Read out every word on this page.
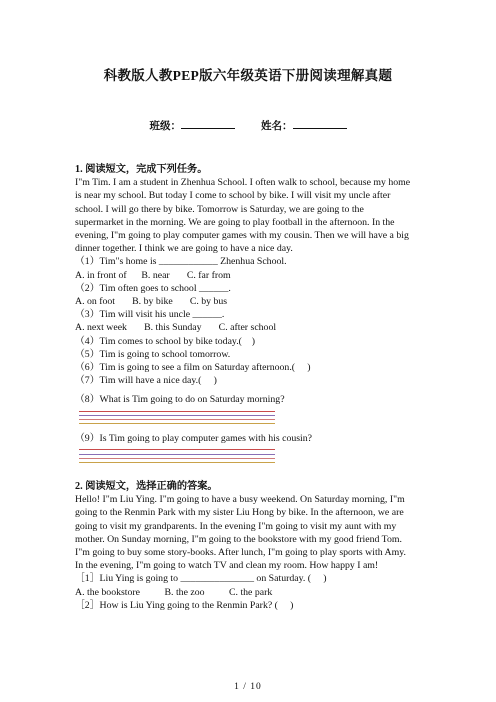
科教版人教PEP版六年级英语下册阅读理解真题
班级：	姓名：

1. 阅读短文，完成下列任务。

I"m Tim. I am a student in Zhenhua School. I often walk to school, because my home

is near my school. But today I come to school by bike. I will visit my uncle after

school. I will go there by bike. Tomorrow is Saturday, we are going to the

supermarket in the morning. We are going to play football in the afternoon. In the

evening, I"m going to play computer games with my cousin. Then we will have a big

dinner together. I think we are going to have a nice day.

（1）Tim"s home is ____________ Zhenhua School.

A. in front of      B. near       C. far from

（2）Tim often goes to school ______.

A. on foot       B. by bike       C. by bus

（3）Tim will visit his uncle ______.

A. next week       B. this Sunday       C. after school

（4）Tim comes to school by bike today.(    )

（5）Tim is going to school tomorrow.

（6）Tim is going to see a film on Saturday afternoon.(     )

（7）Tim will have a nice day.(     )

（8）What is Tim going to do on Saturday morning?

（9）Is Tim going to play computer games with his cousin?

2. 阅读短文，选择正确的答案。

Hello! I"m Liu Ying. I"m going to have a busy weekend. On Saturday morning, I"m

going to the Renmin Park with my sister Liu Hong by bike. In the afternoon, we are

going to visit my grandparents. In the evening I"m going to visit my aunt with my

mother. On Sunday morning, I"m going to the bookstore with my good friend Tom.

I"m going to buy some story-books. After lunch, I"m going to play sports with Amy.

In the evening, I"m going to watch TV and clean my room. How happy I am!

［1］Liu Ying is going to _______________ on Saturday. (     )

A. the bookstore          B. the zoo          C. the park

［2］How is Liu Ying going to the Renmin Park? (     )

1 / 10
